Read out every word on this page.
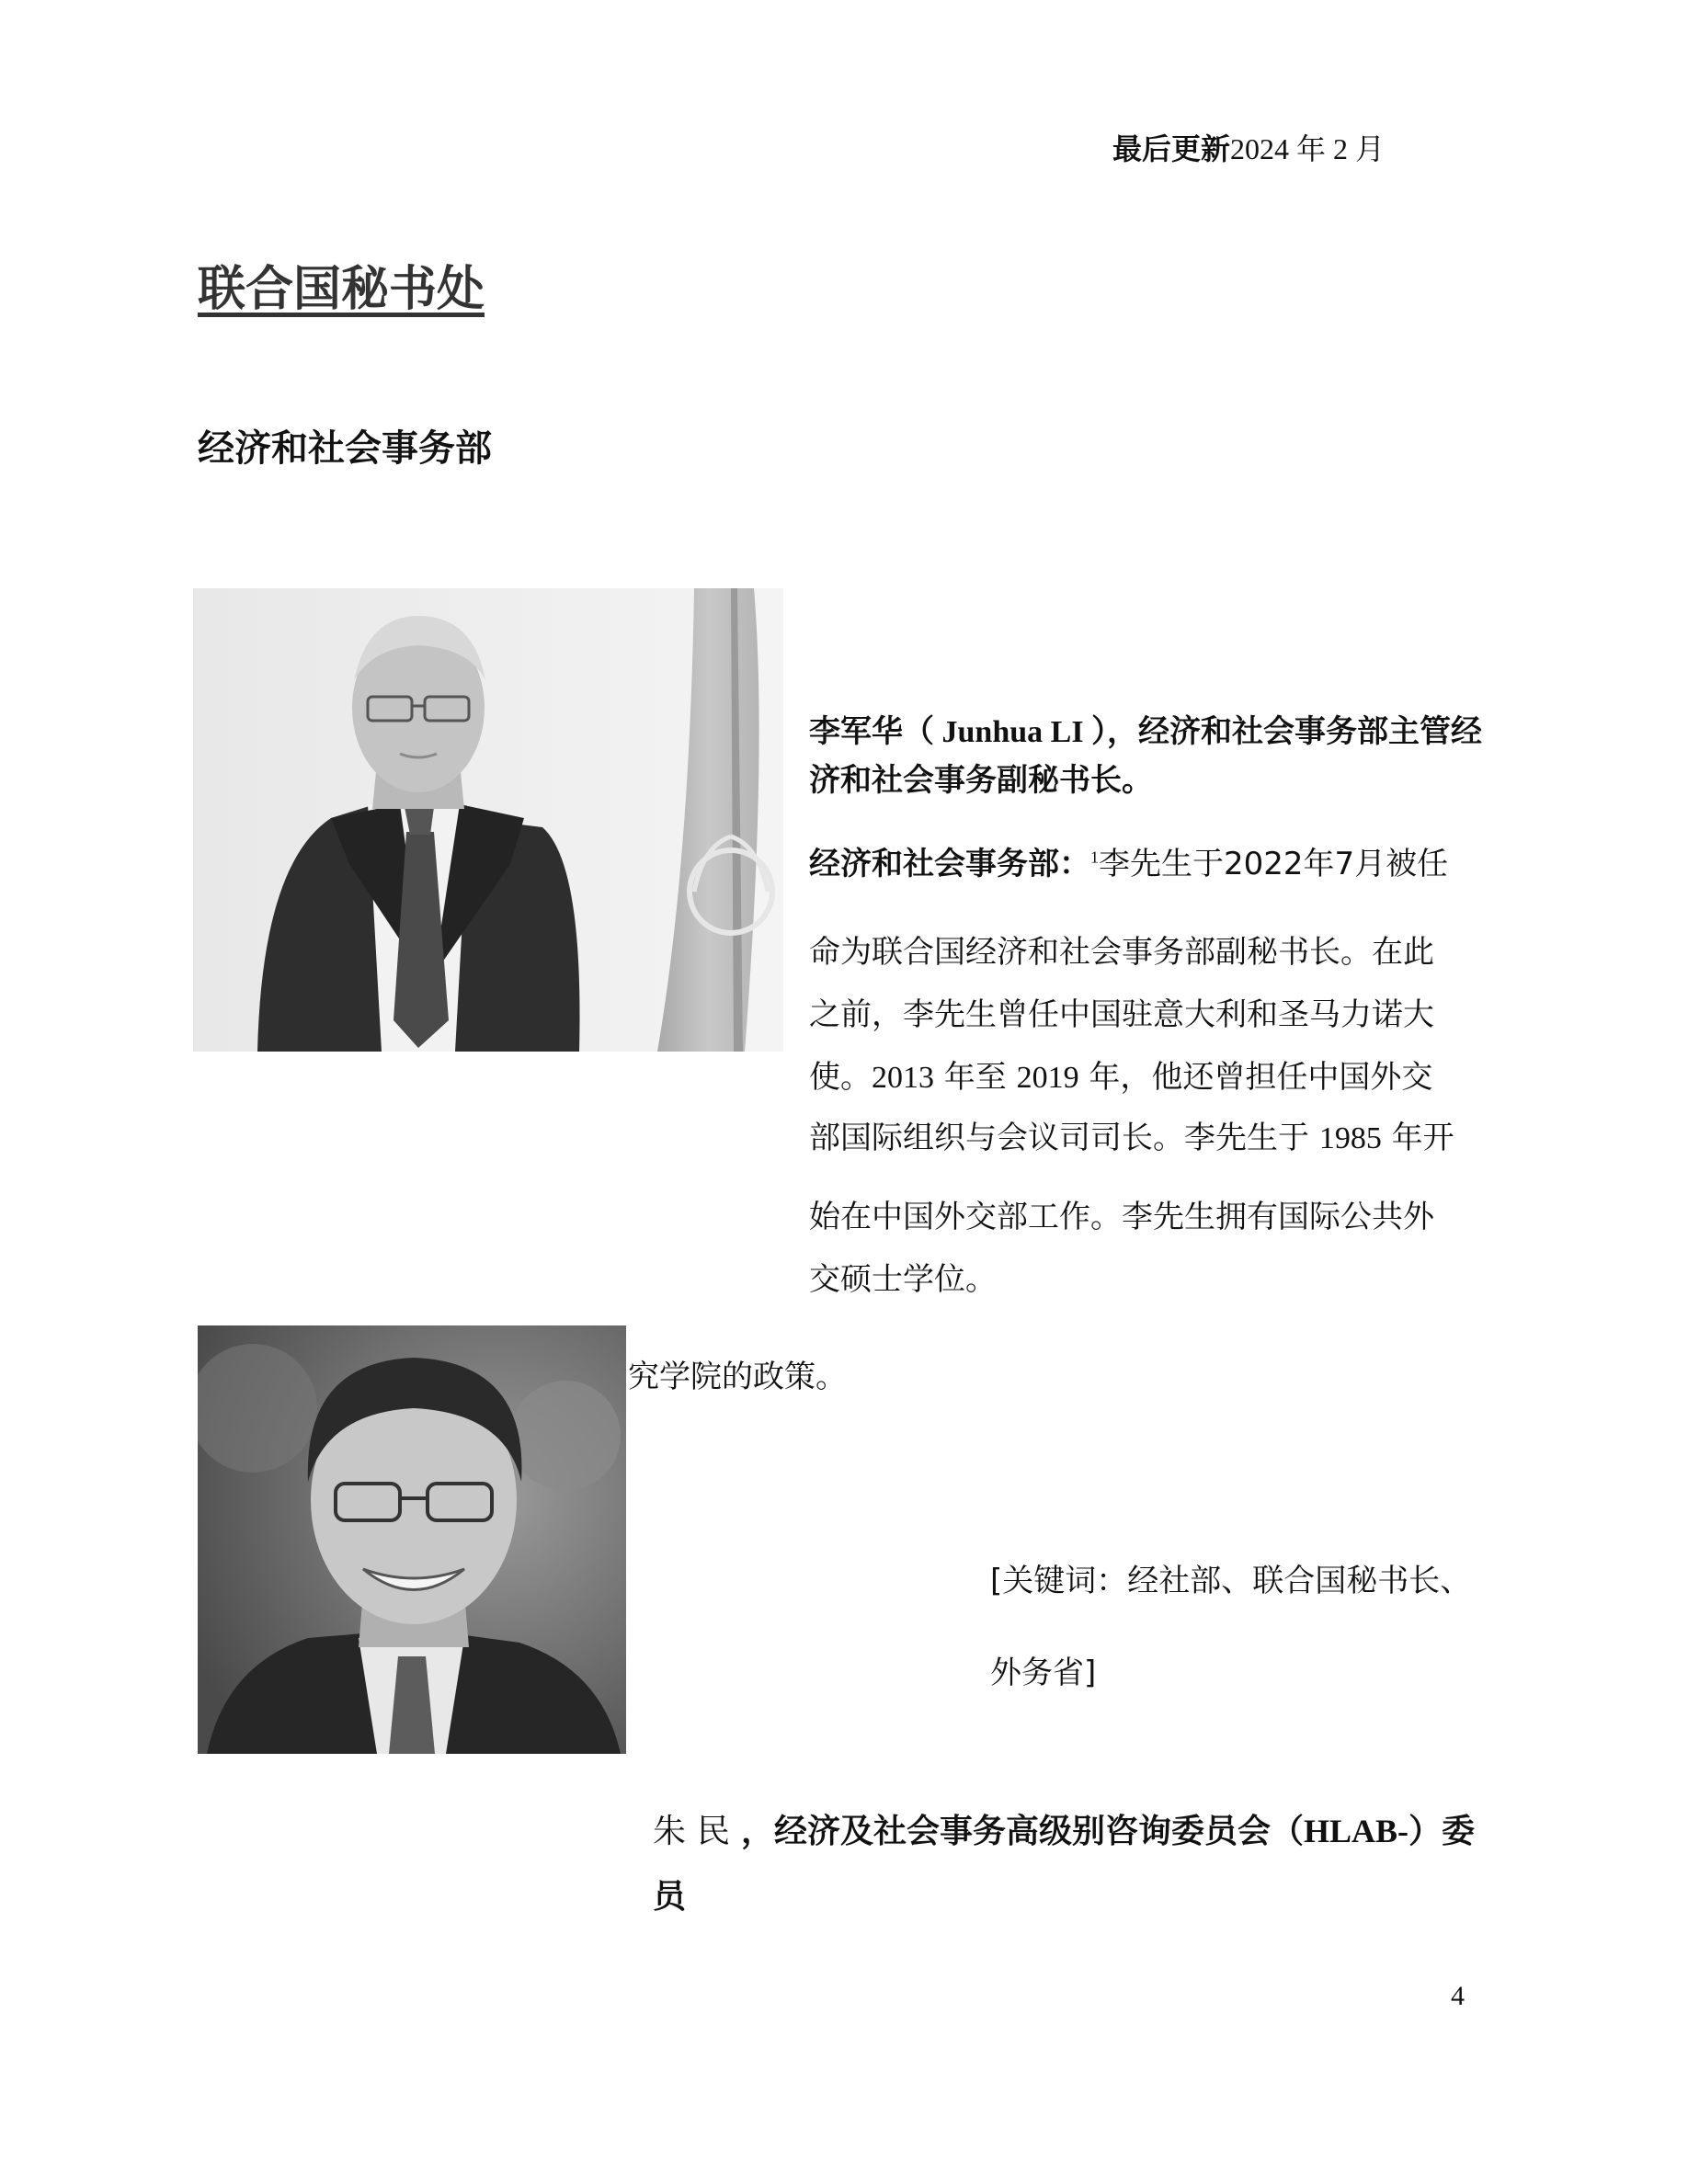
最后更新2024 年 2 月
联合国秘书处
经济和社会事务部
李军华（ Junhua LI ），经济和社会事务部主管经济和社会事务副秘书长。
经济和社会事务部：$^1$李先生于2022年7月被任
命为联合国经济和社会事务部副秘书长。在此
之前，李先生曾任中国驻意大利和圣马力诺大
使。2013 年至 2019 年，他还曾担任中国外交
部国际组织与会议司司长。李先生于 1985 年开
始在中国外交部工作。李先生拥有国际公共外
交硕士学位。
究学院的政策。
[关键词：经社部、联合国秘书长、
外务省]
朱民，经济及社会事务高级别咨询委员会（HLAB-）委
员
4
